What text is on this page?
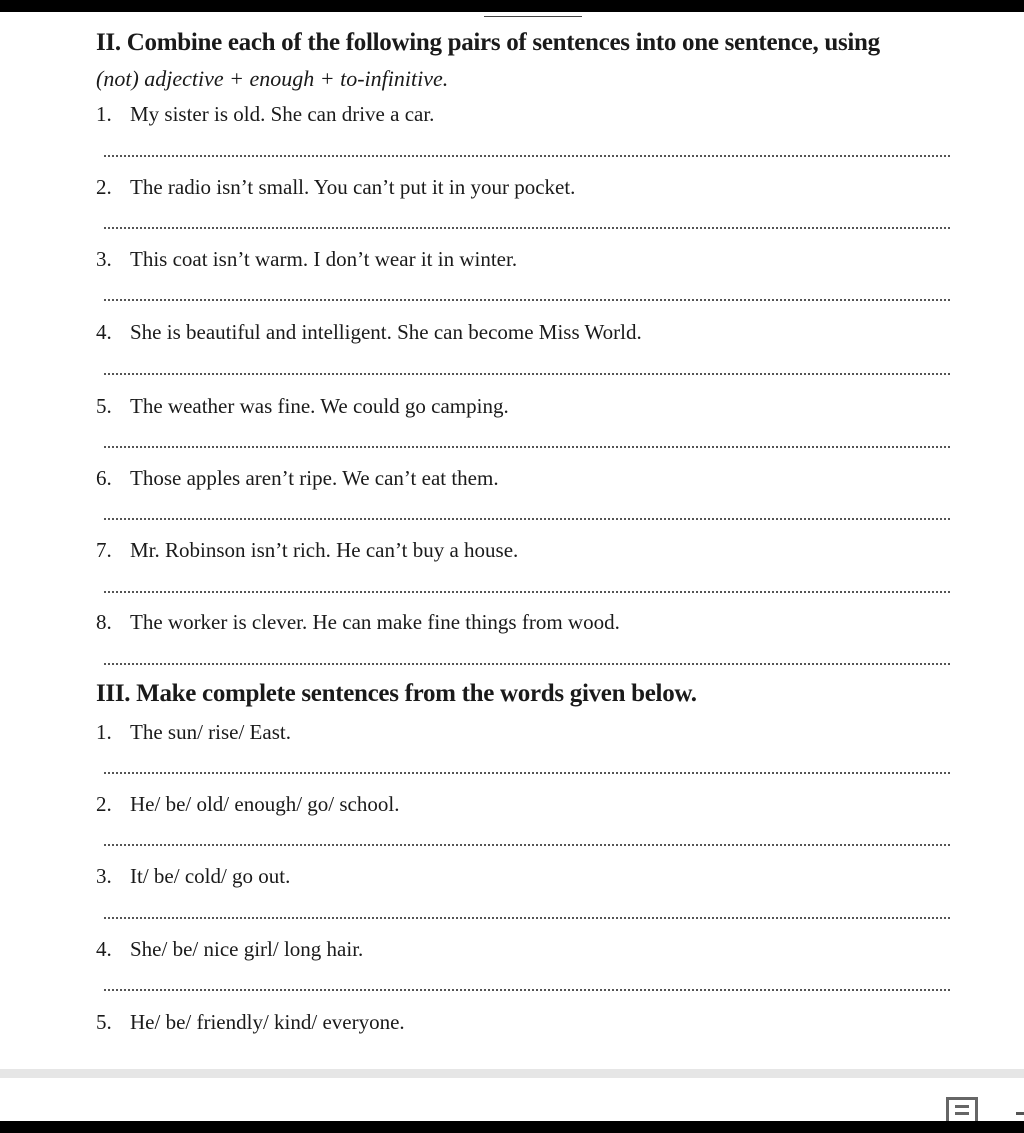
II. Combine each of the following pairs of sentences into one sentence, using
(not) adjective + enough + to-infinitive.
1. My sister is old. She can drive a car.
2. The radio isn’t small. You can’t put it in your pocket.
3. This coat isn’t warm. I don’t wear it in winter.
4. She is beautiful and intelligent. She can become Miss World.
5. The weather was fine. We could go camping.
6. Those apples aren’t ripe. We can’t eat them.
7. Mr. Robinson isn’t rich. He can’t buy a house.
8. The worker is clever. He can make fine things from wood.
III. Make complete sentences from the words given below.
1. The sun/ rise/ East.
2. He/ be/ old/ enough/ go/ school.
3. It/ be/ cold/ go out.
4. She/ be/ nice girl/ long hair.
5. He/ be/ friendly/ kind/ everyone.
